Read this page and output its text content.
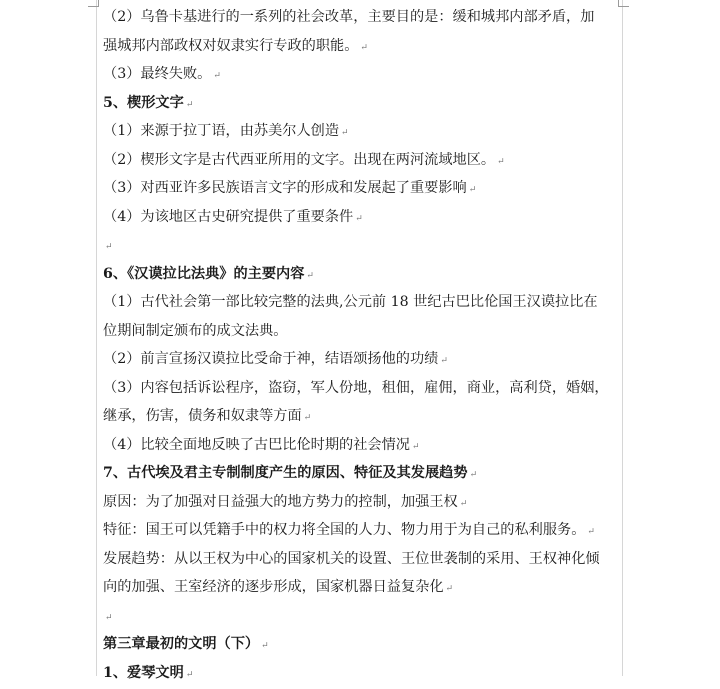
（2）乌鲁卡基进行的一系列的社会改革，主要目的是：缓和城邦内部矛盾，加
强城邦内部政权对奴隶实行专政的职能。 ↵
（3）最终失败。 ↵
5、楔形文字 ↵
（1）来源于拉丁语，由苏美尔人创造 ↵
（2）楔形文字是古代西亚所用的文字。出现在两河流域地区。 ↵
（3）对西亚许多民族语言文字的形成和发展起了重要影响 ↵
（4）为该地区古史研究提供了重要条件 ↵
↵
6、《汉谟拉比法典》的主要内容 ↵
（1）古代社会第一部比较完整的法典,公元前 18 世纪古巴比伦国王汉谟拉比在
位期间制定颁布的成文法典。
（2）前言宣扬汉谟拉比受命于神，结语颂扬他的功绩 ↵
（3）内容包括诉讼程序，盗窃，军人份地，租佃，雇佣，商业，高利贷，婚姻，
继承，伤害，债务和奴隶等方面 ↵
（4）比较全面地反映了古巴比伦时期的社会情况 ↵
7、古代埃及君主专制制度产生的原因、特征及其发展趋势 ↵
原因：为了加强对日益强大的地方势力的控制，加强王权 ↵
特征：国王可以凭籍手中的权力将全国的人力、物力用于为自己的私利服务。 ↵
发展趋势：从以王权为中心的国家机关的设置、王位世袭制的采用、王权神化倾
向的加强、王室经济的逐步形成，国家机器日益复杂化 ↵
↵
第三章最初的文明（下） ↵
1、爱琴文明 ↵
